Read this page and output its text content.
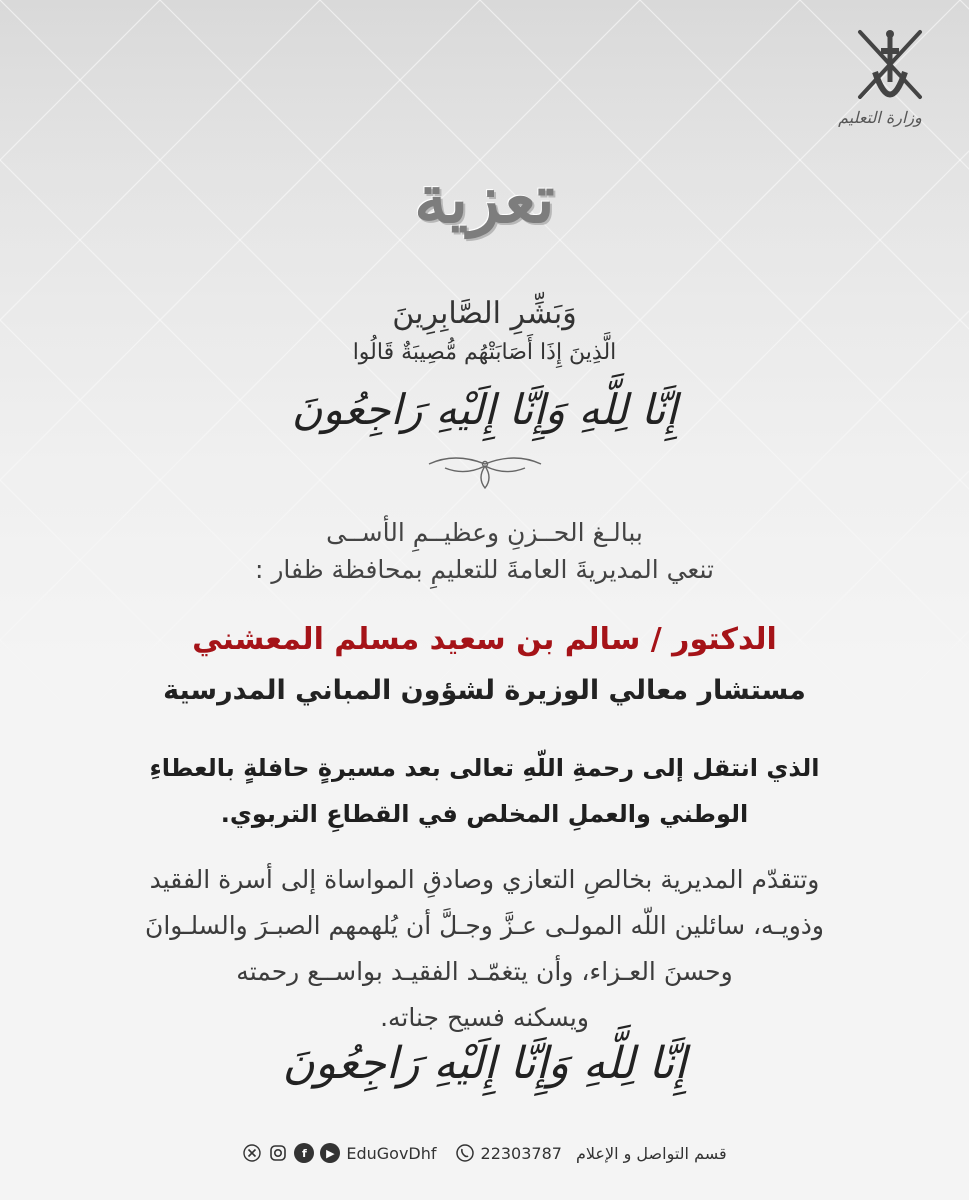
وزارة التعليم
تعزية
وَبَشِّرِ الصَّابِرِينَ
الَّذِينَ إِذَا أَصَابَتْهُم مُّصِيبَةٌ قَالُوا
إِنَّا لِلَّهِ وَإِنَّا إِلَيْهِ رَاجِعُونَ
ببالـغ الحــزنِ وعظيــمِ الأســى
تنعي المديريةَ العامةَ للتعليمِ بمحافظة ظفار :
الدكتور / سالم بن سعيد مسلم المعشني
مستشار معالي الوزيرة لشؤون المباني المدرسية
الذي انتقل إلى رحمةِ اللّهِ تعالى بعد مسيرةٍ حافلةٍ بالعطاءِ
الوطني والعملِ المخلص في القطاعِ التربوي.
وتتقدّم المديرية بخالصِ التعازي وصادقِ المواساة إلى أسرة الفقيد
وذويـه، سائلين اللّه المولـى عـزَّ وجـلَّ أن يُلهمهم الصبـرَ والسلـوانَ
وحسنَ العـزاء، وأن يتغمّـد الفقيـد بواســع رحمته
ويسكنه فسيح جناته.
إِنَّا لِلَّهِ وَإِنَّا إِلَيْهِ رَاجِعُونَ
قسم التواصل و الإعلام
22303787
EduGovDhf
▶
f
